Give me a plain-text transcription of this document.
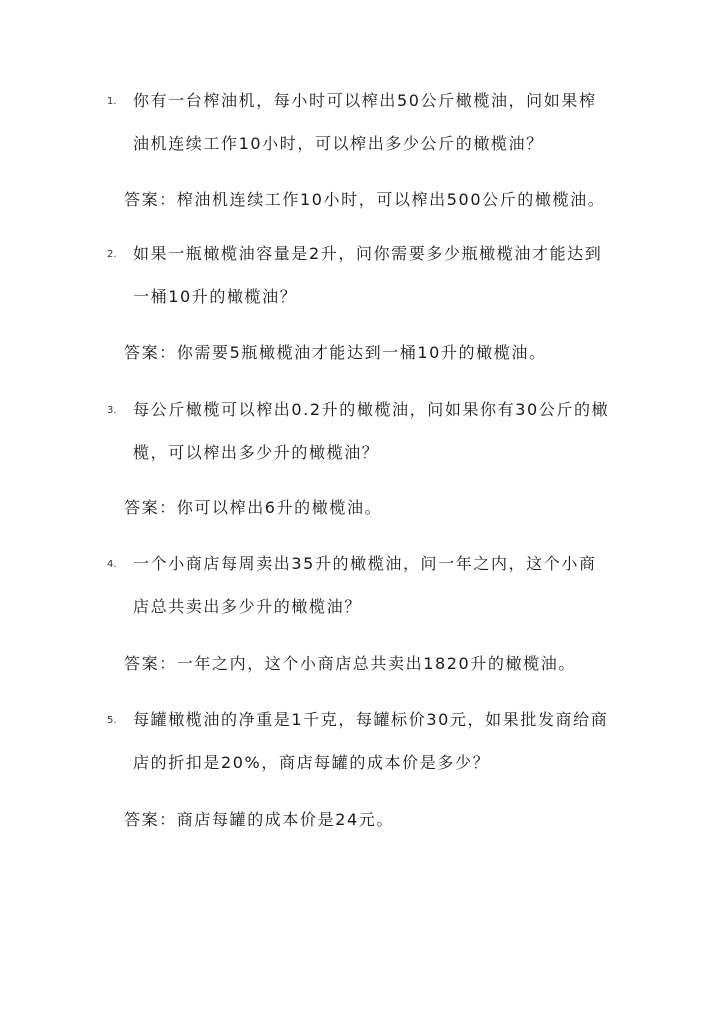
1. 你有一台榨油机，每小时可以榨出50公斤橄榄油，问如果榨
油机连续工作10小时，可以榨出多少公斤的橄榄油？
答案：榨油机连续工作10小时，可以榨出500公斤的橄榄油。
2. 如果一瓶橄榄油容量是2升，问你需要多少瓶橄榄油才能达到
一桶10升的橄榄油？
答案：你需要5瓶橄榄油才能达到一桶10升的橄榄油。
3. 每公斤橄榄可以榨出0.2升的橄榄油，问如果你有30公斤的橄
榄，可以榨出多少升的橄榄油？
答案：你可以榨出6升的橄榄油。
4. 一个小商店每周卖出35升的橄榄油，问一年之内，这个小商
店总共卖出多少升的橄榄油？
答案：一年之内，这个小商店总共卖出1820升的橄榄油。
5. 每罐橄榄油的净重是1千克，每罐标价30元，如果批发商给商
店的折扣是20%，商店每罐的成本价是多少？
答案：商店每罐的成本价是24元。
